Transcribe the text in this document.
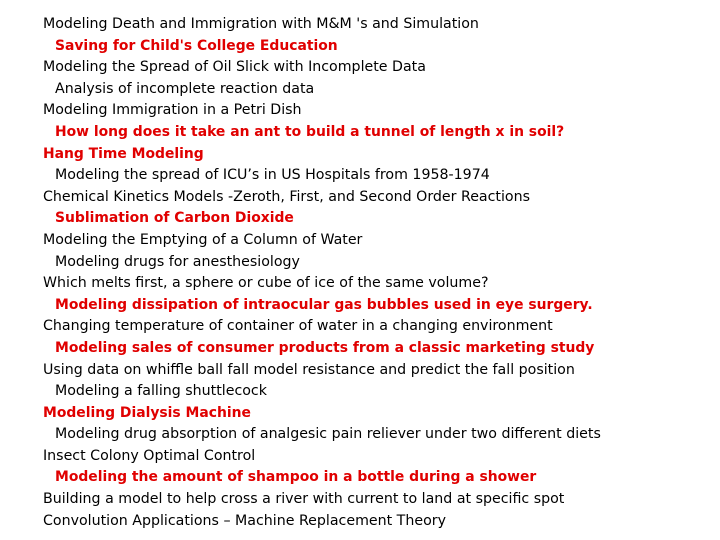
Modeling Death and Immigration with M&M 's and Simulation
Saving for Child's College Education
Modeling the Spread of Oil Slick with Incomplete Data
Analysis of incomplete reaction data
Modeling Immigration in a Petri Dish
How long does it take an ant to build a tunnel of length x in soil?
Hang Time Modeling
Modeling the spread of ICU’s in US Hospitals from 1958-1974
Chemical Kinetics Models -Zeroth, First, and Second Order Reactions
Sublimation of Carbon Dioxide
Modeling the Emptying of a Column of Water
Modeling drugs for anesthesiology
Which melts first, a sphere or cube of ice of the same volume?
Modeling dissipation of intraocular gas bubbles used in eye surgery.
Changing temperature of container of water in a changing environment
Modeling sales of consumer products from a classic marketing study
Using data on whiffle ball fall model resistance and predict the fall position
Modeling a falling shuttlecock
Modeling Dialysis Machine
Modeling drug absorption of analgesic pain reliever under two different diets
Insect Colony Optimal Control
Modeling the amount of shampoo in a bottle during a shower
Building a model to help cross a river with current to land at specific spot
Convolution Applications – Machine Replacement Theory
